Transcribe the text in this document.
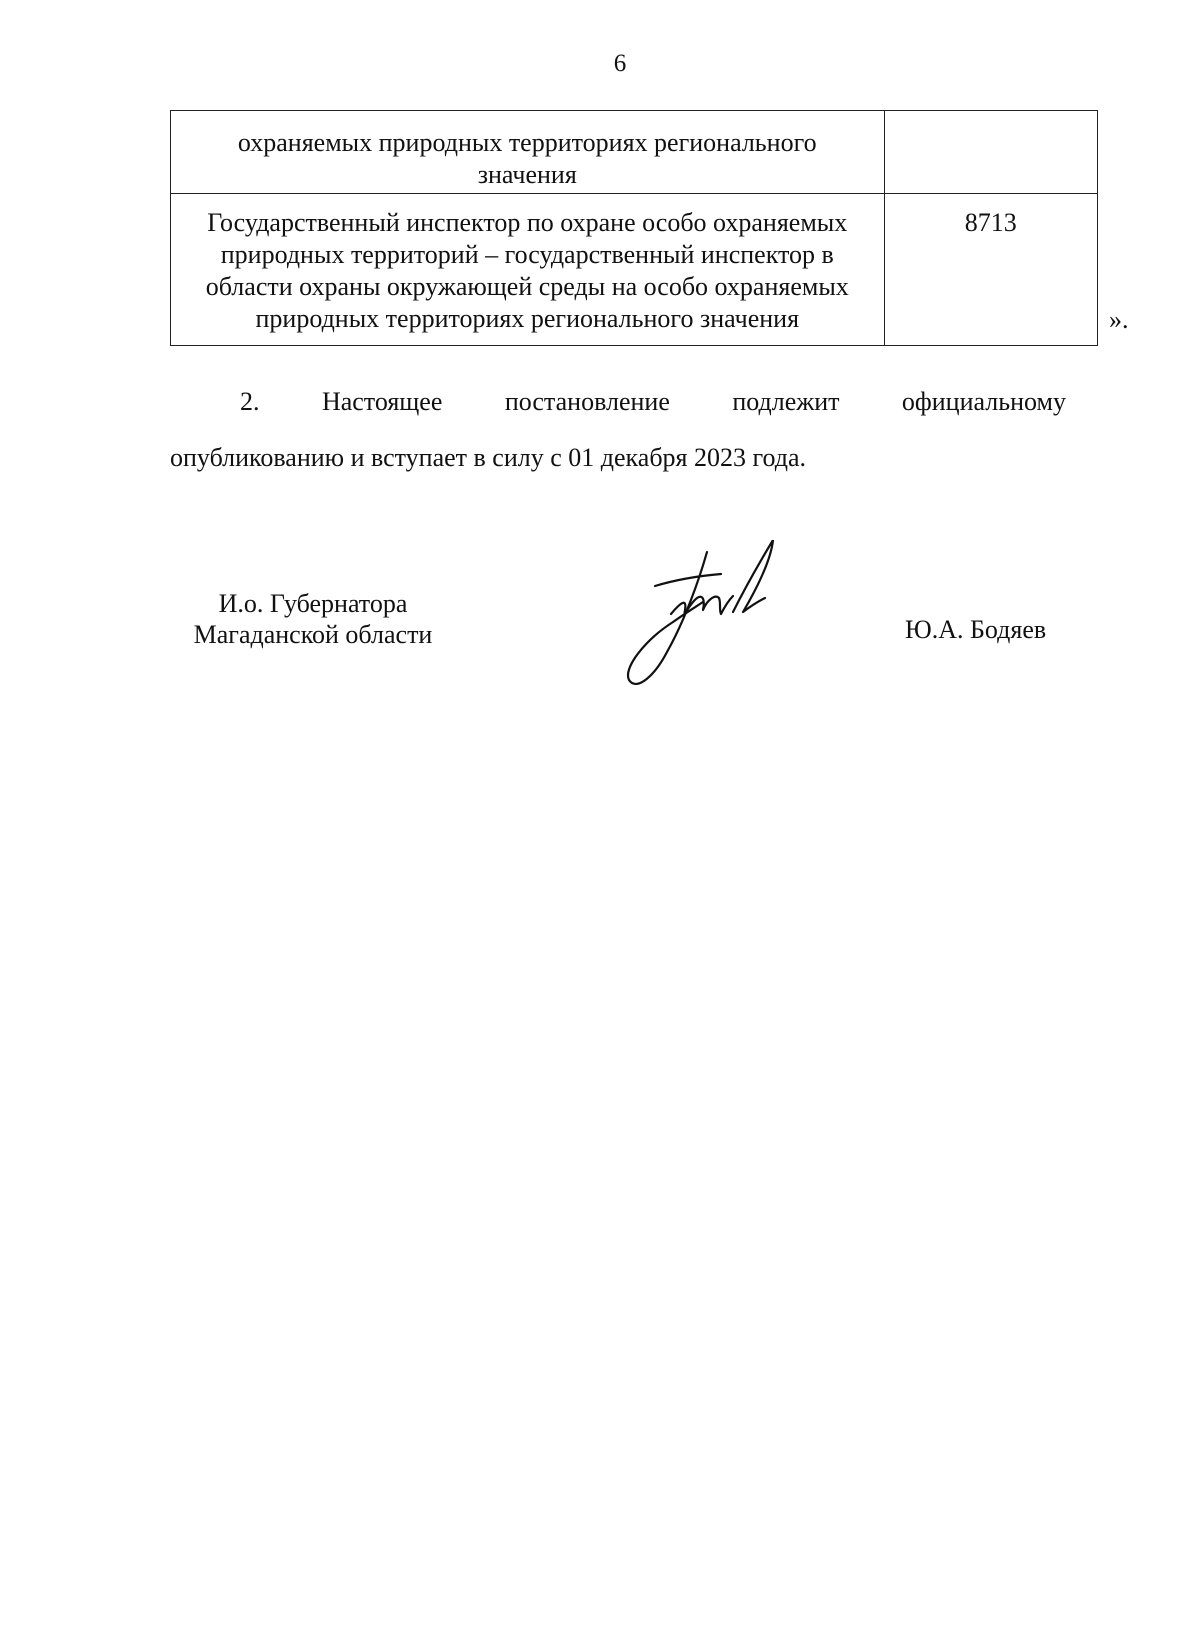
6
охраняемых природных территориях регионального
значения	

Государственный инспектор по охране особо охраняемых
природных территорий – государственный инспектор в
области охраны окружающей среды на особо охраняемых
природных территориях регионального значения	8713
».
2. Настоящее постановление подлежит официальному
опубликованию и вступает в силу с 01 декабря 2023 года.
И.о. Губернатора
Магаданской области	Ю.А. Бодяев
